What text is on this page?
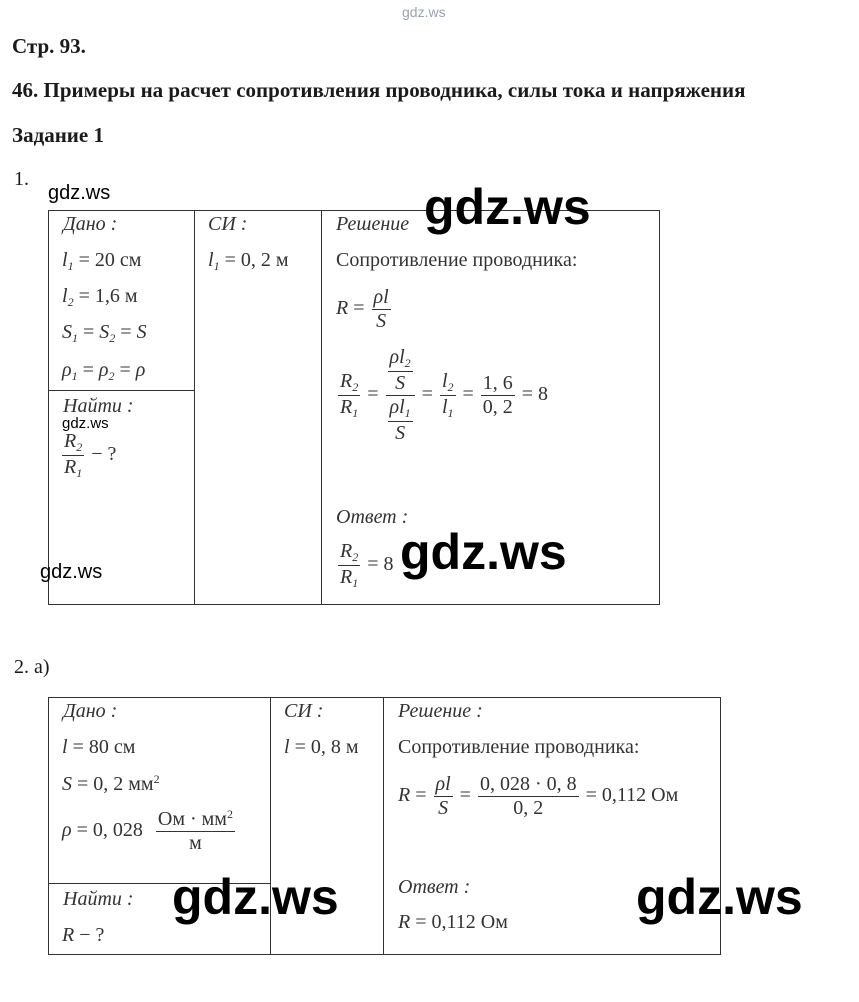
gdz.ws
Стр. 93.
46. Примеры на расчет сопротивления проводника, силы тока и напряжения
Задание 1
1.
Дано :
$l_1 = 20$ см
$l_2 = 1,6$ м
$S_1 = S_2 = S$
$\rho_1 = \rho_2 = \rho$
Найти :
gdz.ws
$\frac{R_2}{R_1}$ − ?
СИ :
$l_1 = 0$, 2 м
Решение
Сопротивление проводника:
$R = \frac{\rho l}{S}$
$\frac{R_2}{R_1} = \frac{\frac{\rho l_2}{S}}{\frac{\rho l_1}{S}} = \frac{l_2}{l_1} = \frac{1, 6}{0, 2} = 8$
Ответ :
$\frac{R_2}{R_1} = 8$
gdz.ws	gdz.ws
gdz.ws
gdz.ws
2. а)
Дано :
l = 80 см
S = 0, 2 $мм^2$
ρ = 0, $028 \frac{Ом \cdot мм^2}{м}$
Найти :
R − ?
СИ :
l = 0, 8 м
Решение :
Сопротивление проводника:
$R = \frac{\rho l}{S} = \frac{0, 028 \cdot 0, 8}{0, 2} = 0,112$ Ом
Ответ :
R = 0,112 Ом
gdz.ws	gdz.ws
